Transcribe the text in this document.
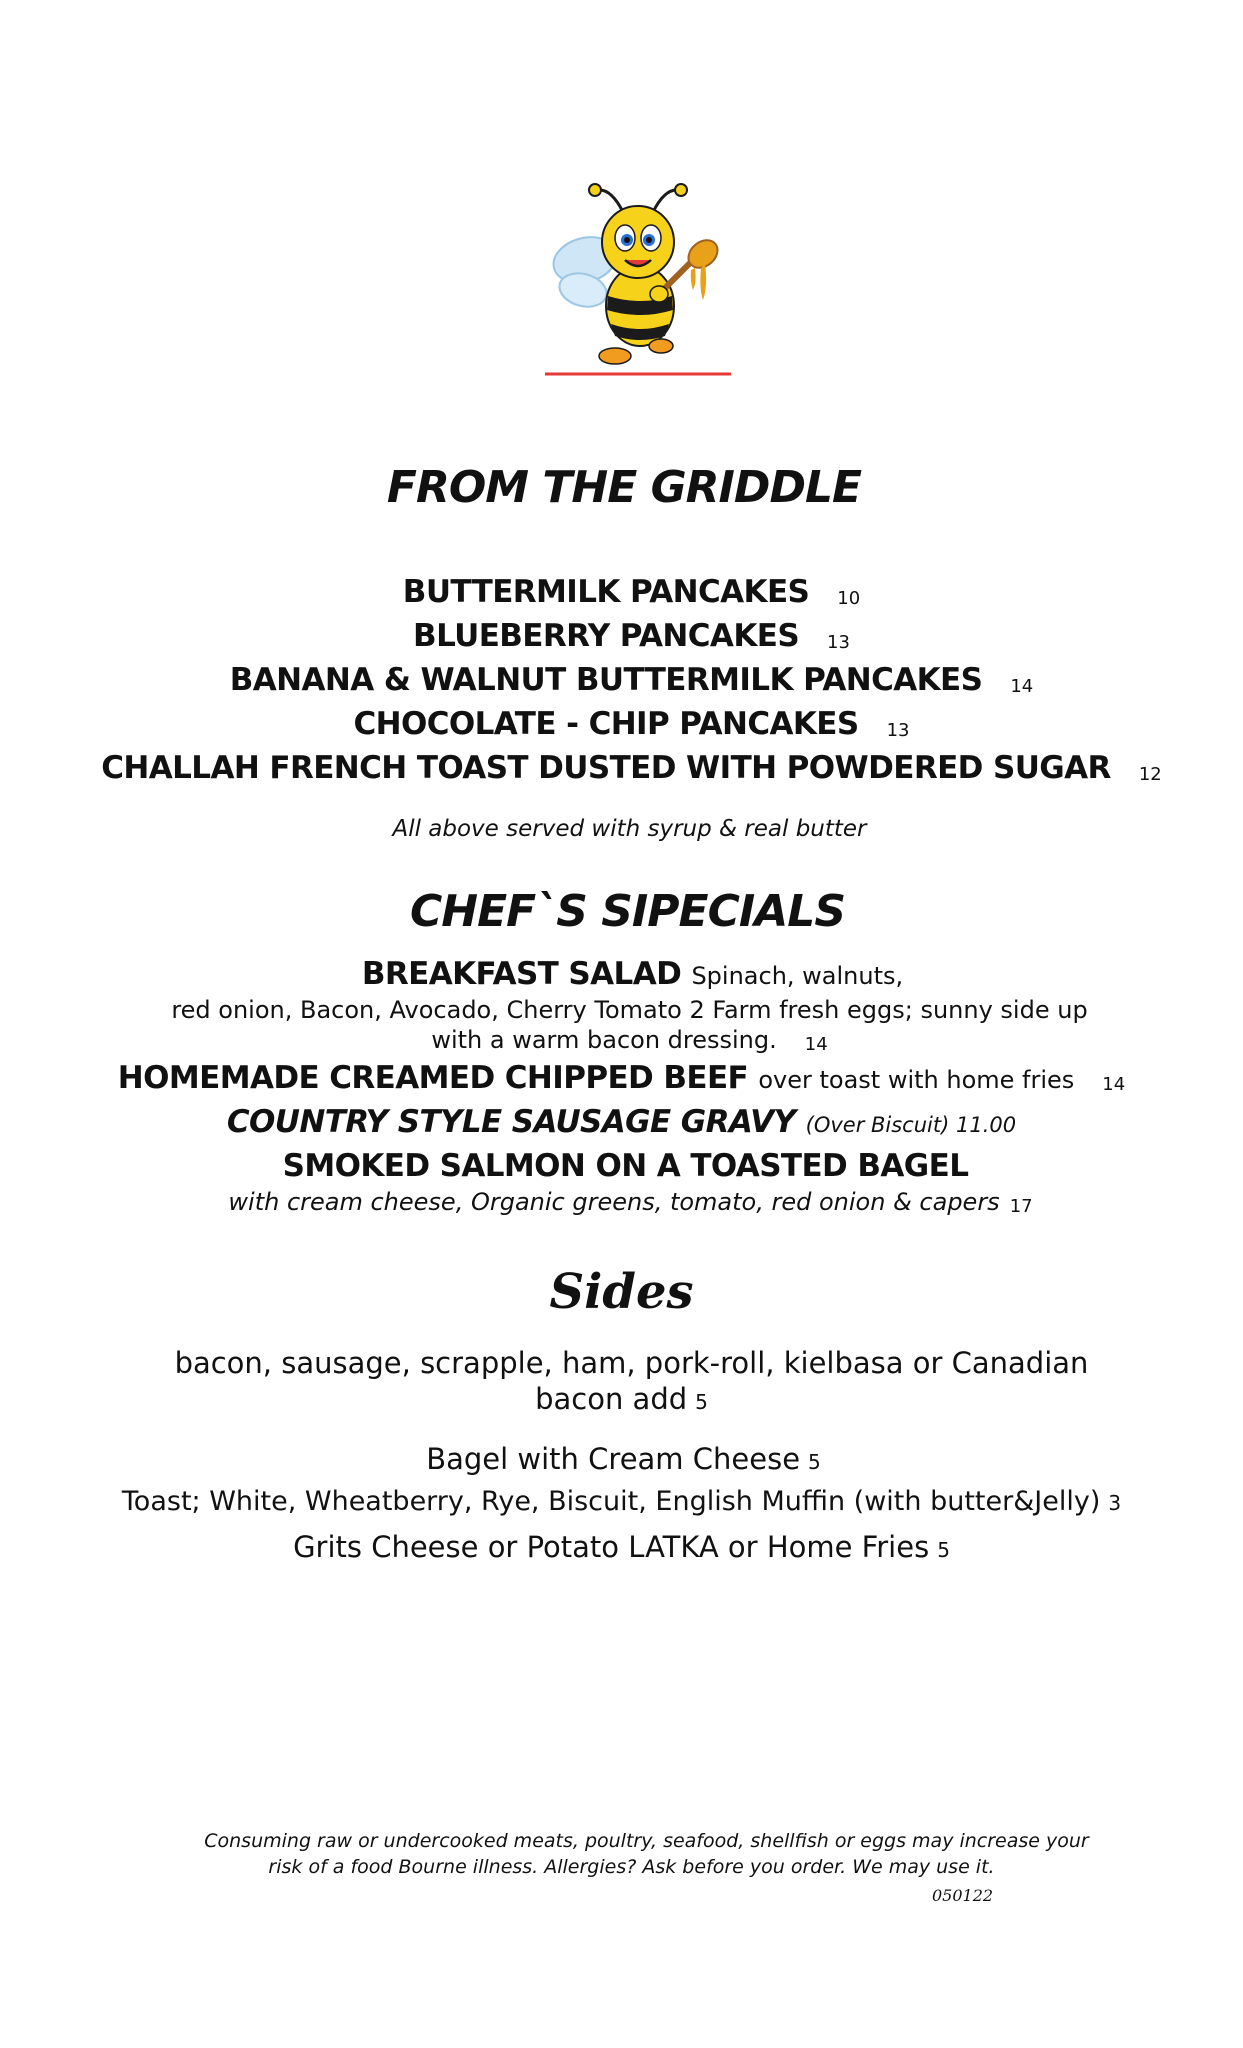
FROM THE GRIDDLE
BUTTERMILK PANCAKES 10
BLUEBERRY PANCAKES 13
BANANA & WALNUT BUTTERMILK PANCAKES 14
CHOCOLATE - CHIP PANCAKES 13
CHALLAH FRENCH TOAST DUSTED WITH POWDERED SUGAR 12
All above served with syrup & real butter
CHEF`S SIPECIALS
BREAKFAST SALAD Spinach, walnuts,
red onion, Bacon, Avocado, Cherry Tomato 2 Farm fresh eggs; sunny side up
with a warm bacon dressing. 14
HOMEMADE CREAMED CHIPPED BEEF over toast with home fries 14
COUNTRY STYLE SAUSAGE GRAVY (Over Biscuit) 11.00
SMOKED SALMON ON A TOASTED BAGEL
with cream cheese, Organic greens, tomato, red onion & capers 17
Sides
bacon, sausage, scrapple, ham, pork-roll, kielbasa or Canadian
bacon add 5
Bagel with Cream Cheese 5
Toast; White, Wheatberry, Rye, Biscuit, English Muffin (with butter&Jelly) 3
Grits Cheese or Potato LATKA or Home Fries 5
Consuming raw or undercooked meats, poultry, seafood, shellfish or eggs may increase your
risk of a food Bourne illness. Allergies? Ask before you order. We may use it.
050122
